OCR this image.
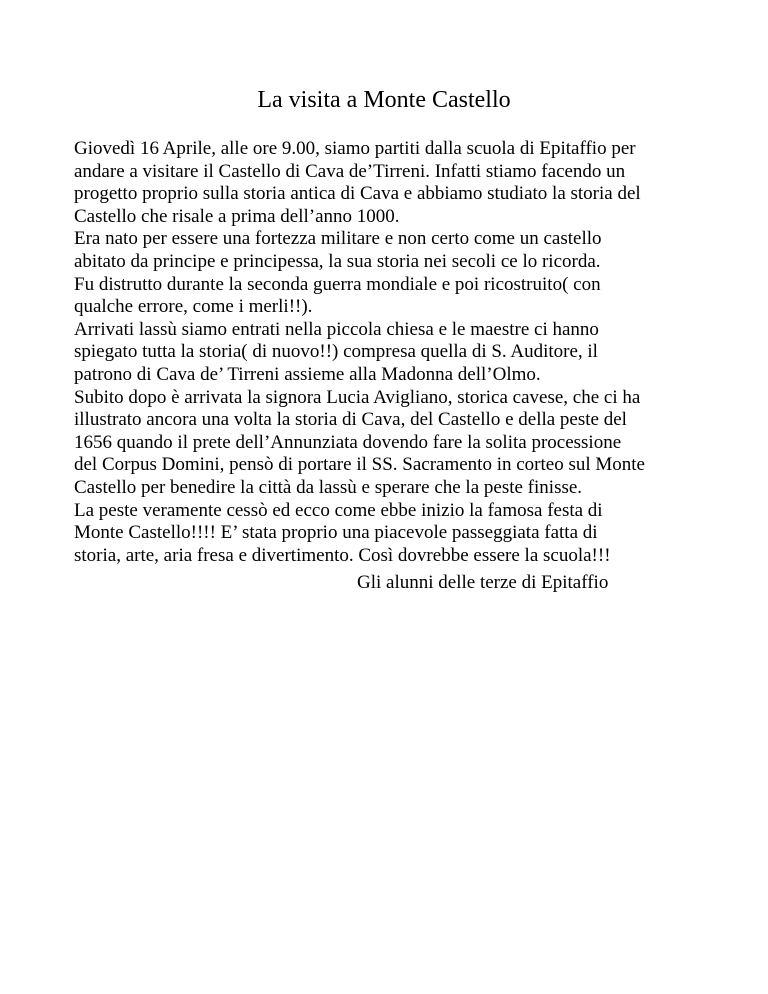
La visita a Monte Castello
Giovedì 16 Aprile, alle ore 9.00, siamo partiti dalla scuola di Epitaffio per
andare a visitare il Castello di Cava de’Tirreni. Infatti stiamo facendo un
progetto proprio sulla storia antica di Cava e abbiamo studiato la storia del
Castello che risale a prima dell’anno 1000.
Era nato per essere una fortezza militare e non certo come un castello
abitato da principe e principessa, la sua storia nei secoli ce lo ricorda.
Fu distrutto durante la seconda guerra mondiale e poi ricostruito( con
qualche errore, come i merli!!).
Arrivati lassù siamo entrati nella piccola chiesa e le maestre ci hanno
spiegato tutta la storia( di nuovo!!) compresa quella di S. Auditore, il
patrono di Cava de’ Tirreni assieme alla Madonna dell’Olmo.
Subito dopo è arrivata la signora Lucia Avigliano, storica cavese, che ci ha
illustrato ancora una volta la storia di Cava, del Castello e della peste del
1656 quando il prete dell’Annunziata dovendo fare la solita processione
del Corpus Domini, pensò di portare il SS. Sacramento in corteo sul Monte
Castello per benedire la città da lassù e sperare che la peste finisse.
La peste veramente cessò ed ecco come ebbe inizio la famosa festa di
Monte Castello!!!! E’ stata proprio una piacevole passeggiata fatta di
storia, arte, aria fresa e divertimento. Così dovrebbe essere la scuola!!!
Gli alunni delle terze di Epitaffio
